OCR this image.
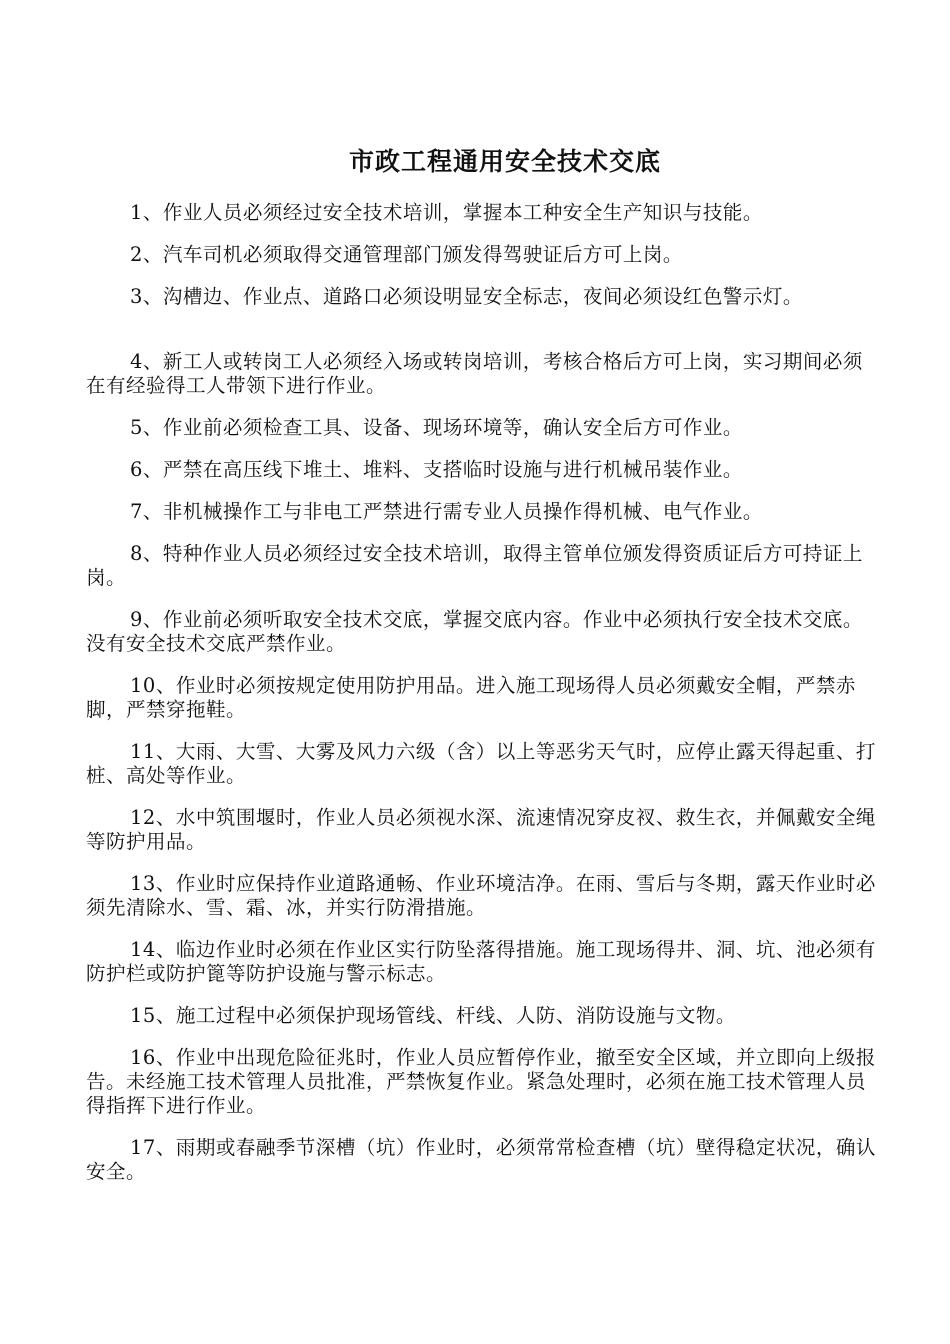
市政工程通用安全技术交底

1、作业人员必须经过安全技术培训，掌握本工种安全生产知识与技能。

2、汽车司机必须取得交通管理部门颁发得驾驶证后方可上岗。

3、沟槽边、作业点、道路口必须设明显安全标志，夜间必须设红色警示灯。

4、新工人或转岗工人必须经入场或转岗培训，考核合格后方可上岗，实习期间必须在有经验得工人带领下进行作业。

5、作业前必须检查工具、设备、现场环境等，确认安全后方可作业。

6、严禁在高压线下堆土、堆料、支搭临时设施与进行机械吊装作业。

7、非机械操作工与非电工严禁进行需专业人员操作得机械、电气作业。

8、特种作业人员必须经过安全技术培训，取得主管单位颁发得资质证后方可持证上岗。

9、作业前必须听取安全技术交底，掌握交底内容。作业中必须执行安全技术交底。没有安全技术交底严禁作业。

10、作业时必须按规定使用防护用品。进入施工现场得人员必须戴安全帽，严禁赤脚，严禁穿拖鞋。

11、大雨、大雪、大雾及风力六级（含）以上等恶劣天气时，应停止露天得起重、打桩、高处等作业。

12、水中筑围堰时，作业人员必须视水深、流速情况穿皮衩、救生衣，并佩戴安全绳等防护用品。

13、作业时应保持作业道路通畅、作业环境洁净。在雨、雪后与冬期，露天作业时必须先清除水、雪、霜、冰，并实行防滑措施。

14、临边作业时必须在作业区实行防坠落得措施。施工现场得井、洞、坑、池必须有防护栏或防护篦等防护设施与警示标志。

15、施工过程中必须保护现场管线、杆线、人防、消防设施与文物。

16、作业中出现危险征兆时，作业人员应暂停作业，撤至安全区域，并立即向上级报告。未经施工技术管理人员批准，严禁恢复作业。紧急处理时，必须在施工技术管理人员得指挥下进行作业。

17、雨期或春融季节深槽（坑）作业时，必须常常检查槽（坑）壁得稳定状况，确认安全。
